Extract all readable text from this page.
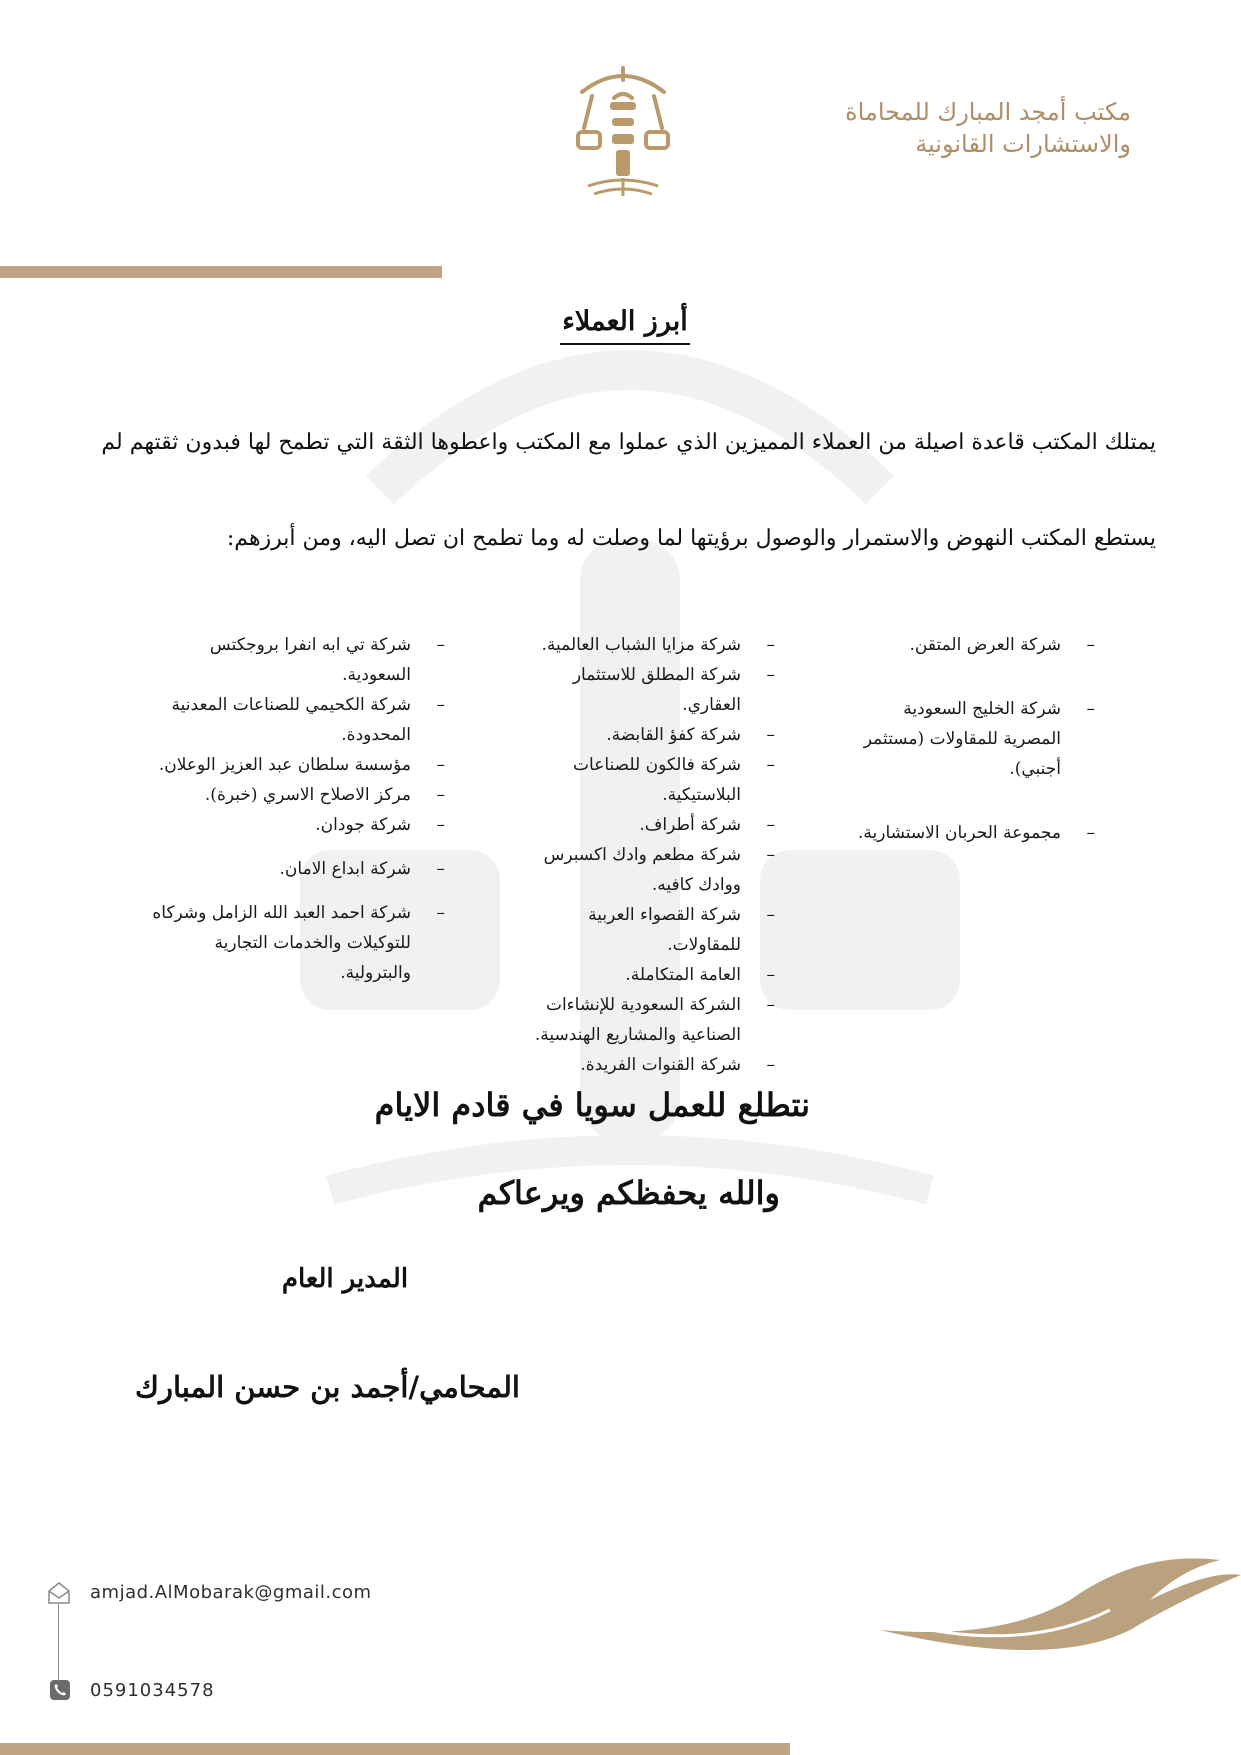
مكتب أمجد المبارك للمحاماة
والاستشارات القانونية
أبرز العملاء
يمتلك المكتب قاعدة اصيلة من العملاء المميزين الذي عملوا مع المكتب واعطوها الثقة التي تطمح لها فبدون ثقتهم لم
يستطع المكتب النهوض والاستمرار والوصول برؤيتها لما وصلت له وما تطمح ان تصل اليه، ومن أبرزهم:
– شركة العرض المتقن.
– شركة الخليج السعودية المصرية للمقاولات (مستثمر أجنبي).
– مجموعة الحربان الاستشارية.
– شركة مزايا الشباب العالمية.
– شركة المطلق للاستثمار العقاري.
– شركة كفؤ القابضة.
– شركة فالكون للصناعات البلاستيكية.
– شركة أطراف.
– شركة مطعم وادك اكسبرس ووادك كافيه.
– شركة القصواء العربية للمقاولات.
– العامة المتكاملة.
– الشركة السعودية للإنشاءات الصناعية والمشاريع الهندسية.
– شركة القنوات الفريدة.
– شركة تي ابه انفرا بروجكتس السعودية.
– شركة الكحيمي للصناعات المعدنية المحدودة.
– مؤسسة سلطان عبد العزيز الوعلان.
– مركز الاصلاح الاسري (خبرة).
– شركة جودان.
– شركة ابداع الامان.
– شركة احمد العبد الله الزامل وشركاه للتوكيلات والخدمات التجارية والبترولية.
نتطلع للعمل سويا في قادم الايام
والله يحفظكم ويرعاكم
المدير العام
المحامي/أجمد بن حسن المبارك
amjad.AlMobarak@gmail.com
0591034578
